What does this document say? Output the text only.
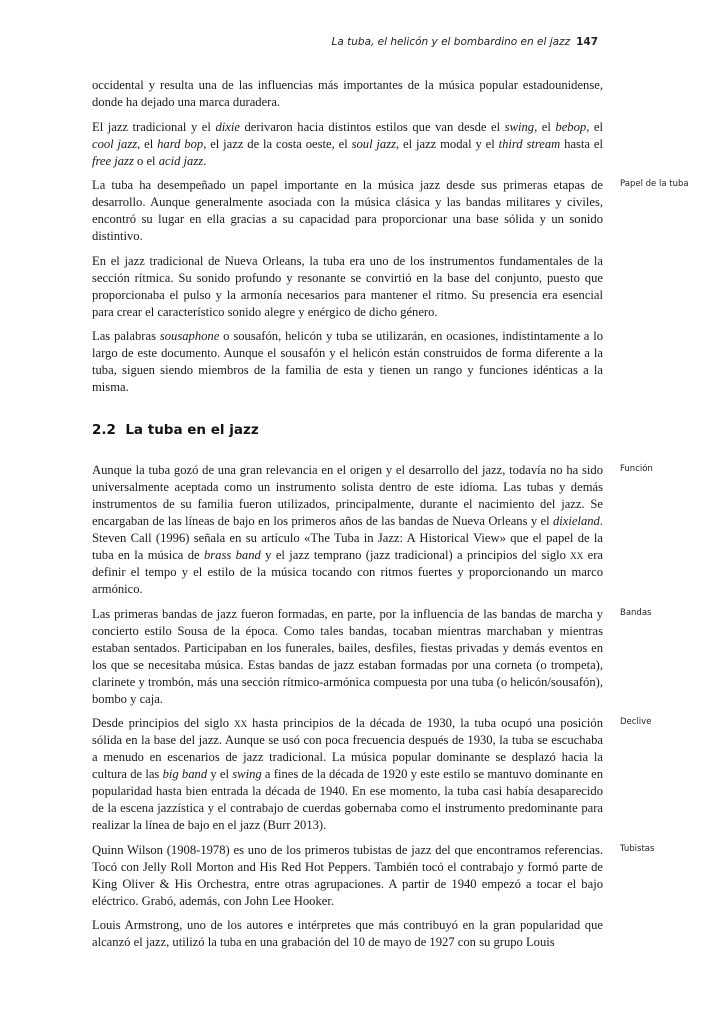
La tuba, el helicón y el bombardino en el jazz 147

occidental y resulta una de las influencias más importantes de la música popular estadounidense, donde ha dejado una marca duradera.

El jazz tradicional y el dixie derivaron hacia distintos estilos que van desde el swing, el bebop, el cool jazz, el hard bop, el jazz de la costa oeste, el soul jazz, el jazz modal y el third stream hasta el free jazz o el acid jazz.

La tuba ha desempeñado un papel importante en la música jazz desde sus primeras etapas de desarrollo. Aunque generalmente asociada con la música clásica y las bandas militares y civiles, encontró su lugar en ella gracias a su capacidad para proporcionar una base sólida y un sonido distintivo.

Papel de la tuba

En el jazz tradicional de Nueva Orleans, la tuba era uno de los instrumentos fundamentales de la sección rítmica. Su sonido profundo y resonante se convirtió en la base del conjunto, puesto que proporcionaba el pulso y la armonía necesarios para mantener el ritmo. Su presencia era esencial para crear el característico sonido alegre y enérgico de dicho género.

Las palabras sousaphone o sousafón, helicón y tuba se utilizarán, en ocasiones, indistintamente a lo largo de este documento. Aunque el sousafón y el helicón están construidos de forma diferente a la tuba, siguen siendo miembros de la familia de esta y tienen un rango y funciones idénticas a la misma.

2.2 La tuba en el jazz

Aunque la tuba gozó de una gran relevancia en el origen y el desarrollo del jazz, todavía no ha sido universalmente aceptada como un instrumento solista dentro de este idioma. Las tubas y demás instrumentos de su familia fueron utilizados, principalmente, durante el nacimiento del jazz. Se encargaban de las líneas de bajo en los primeros años de las bandas de Nueva Orleans y el dixieland. Steven Call (1996) señala en su artículo «The Tuba in Jazz: A Historical View» que el papel de la tuba en la música de brass band y el jazz temprano (jazz tradicional) a principios del siglo xx era definir el tempo y el estilo de la música tocando con ritmos fuertes y proporcionando un marco armónico.

Función

Las primeras bandas de jazz fueron formadas, en parte, por la influencia de las bandas de marcha y concierto estilo Sousa de la época. Como tales bandas, tocaban mientras marchaban y mientras estaban sentados. Participaban en los funerales, bailes, desfiles, fiestas privadas y demás eventos en los que se necesitaba música. Estas bandas de jazz estaban formadas por una corneta (o trompeta), clarinete y trombón, más una sección rítmico-armónica compuesta por una tuba (o helicón/sousafón), bombo y caja.

Bandas

Desde principios del siglo xx hasta principios de la década de 1930, la tuba ocupó una posición sólida en la base del jazz. Aunque se usó con poca frecuencia después de 1930, la tuba se escuchaba a menudo en escenarios de jazz tradicional. La música popular dominante se desplazó hacia la cultura de las big band y el swing a fines de la década de 1920 y este estilo se mantuvo dominante en popularidad hasta bien entrada la década de 1940. En ese momento, la tuba casi había desaparecido de la escena jazzística y el contrabajo de cuerdas gobernaba como el instrumento predominante para realizar la línea de bajo en el jazz (Burr 2013).

Declive

Quinn Wilson (1908-1978) es uno de los primeros tubistas de jazz del que encontramos referencias. Tocó con Jelly Roll Morton and His Red Hot Peppers. También tocó el contrabajo y formó parte de King Oliver & His Orchestra, entre otras agrupaciones. A partir de 1940 empezó a tocar el bajo eléctrico. Grabó, además, con John Lee Hooker.

Tubistas

Louis Armstrong, uno de los autores e intérpretes que más contribuyó en la gran popularidad que alcanzó el jazz, utilizó la tuba en una grabación del 10 de mayo de 1927 con su grupo Louis
